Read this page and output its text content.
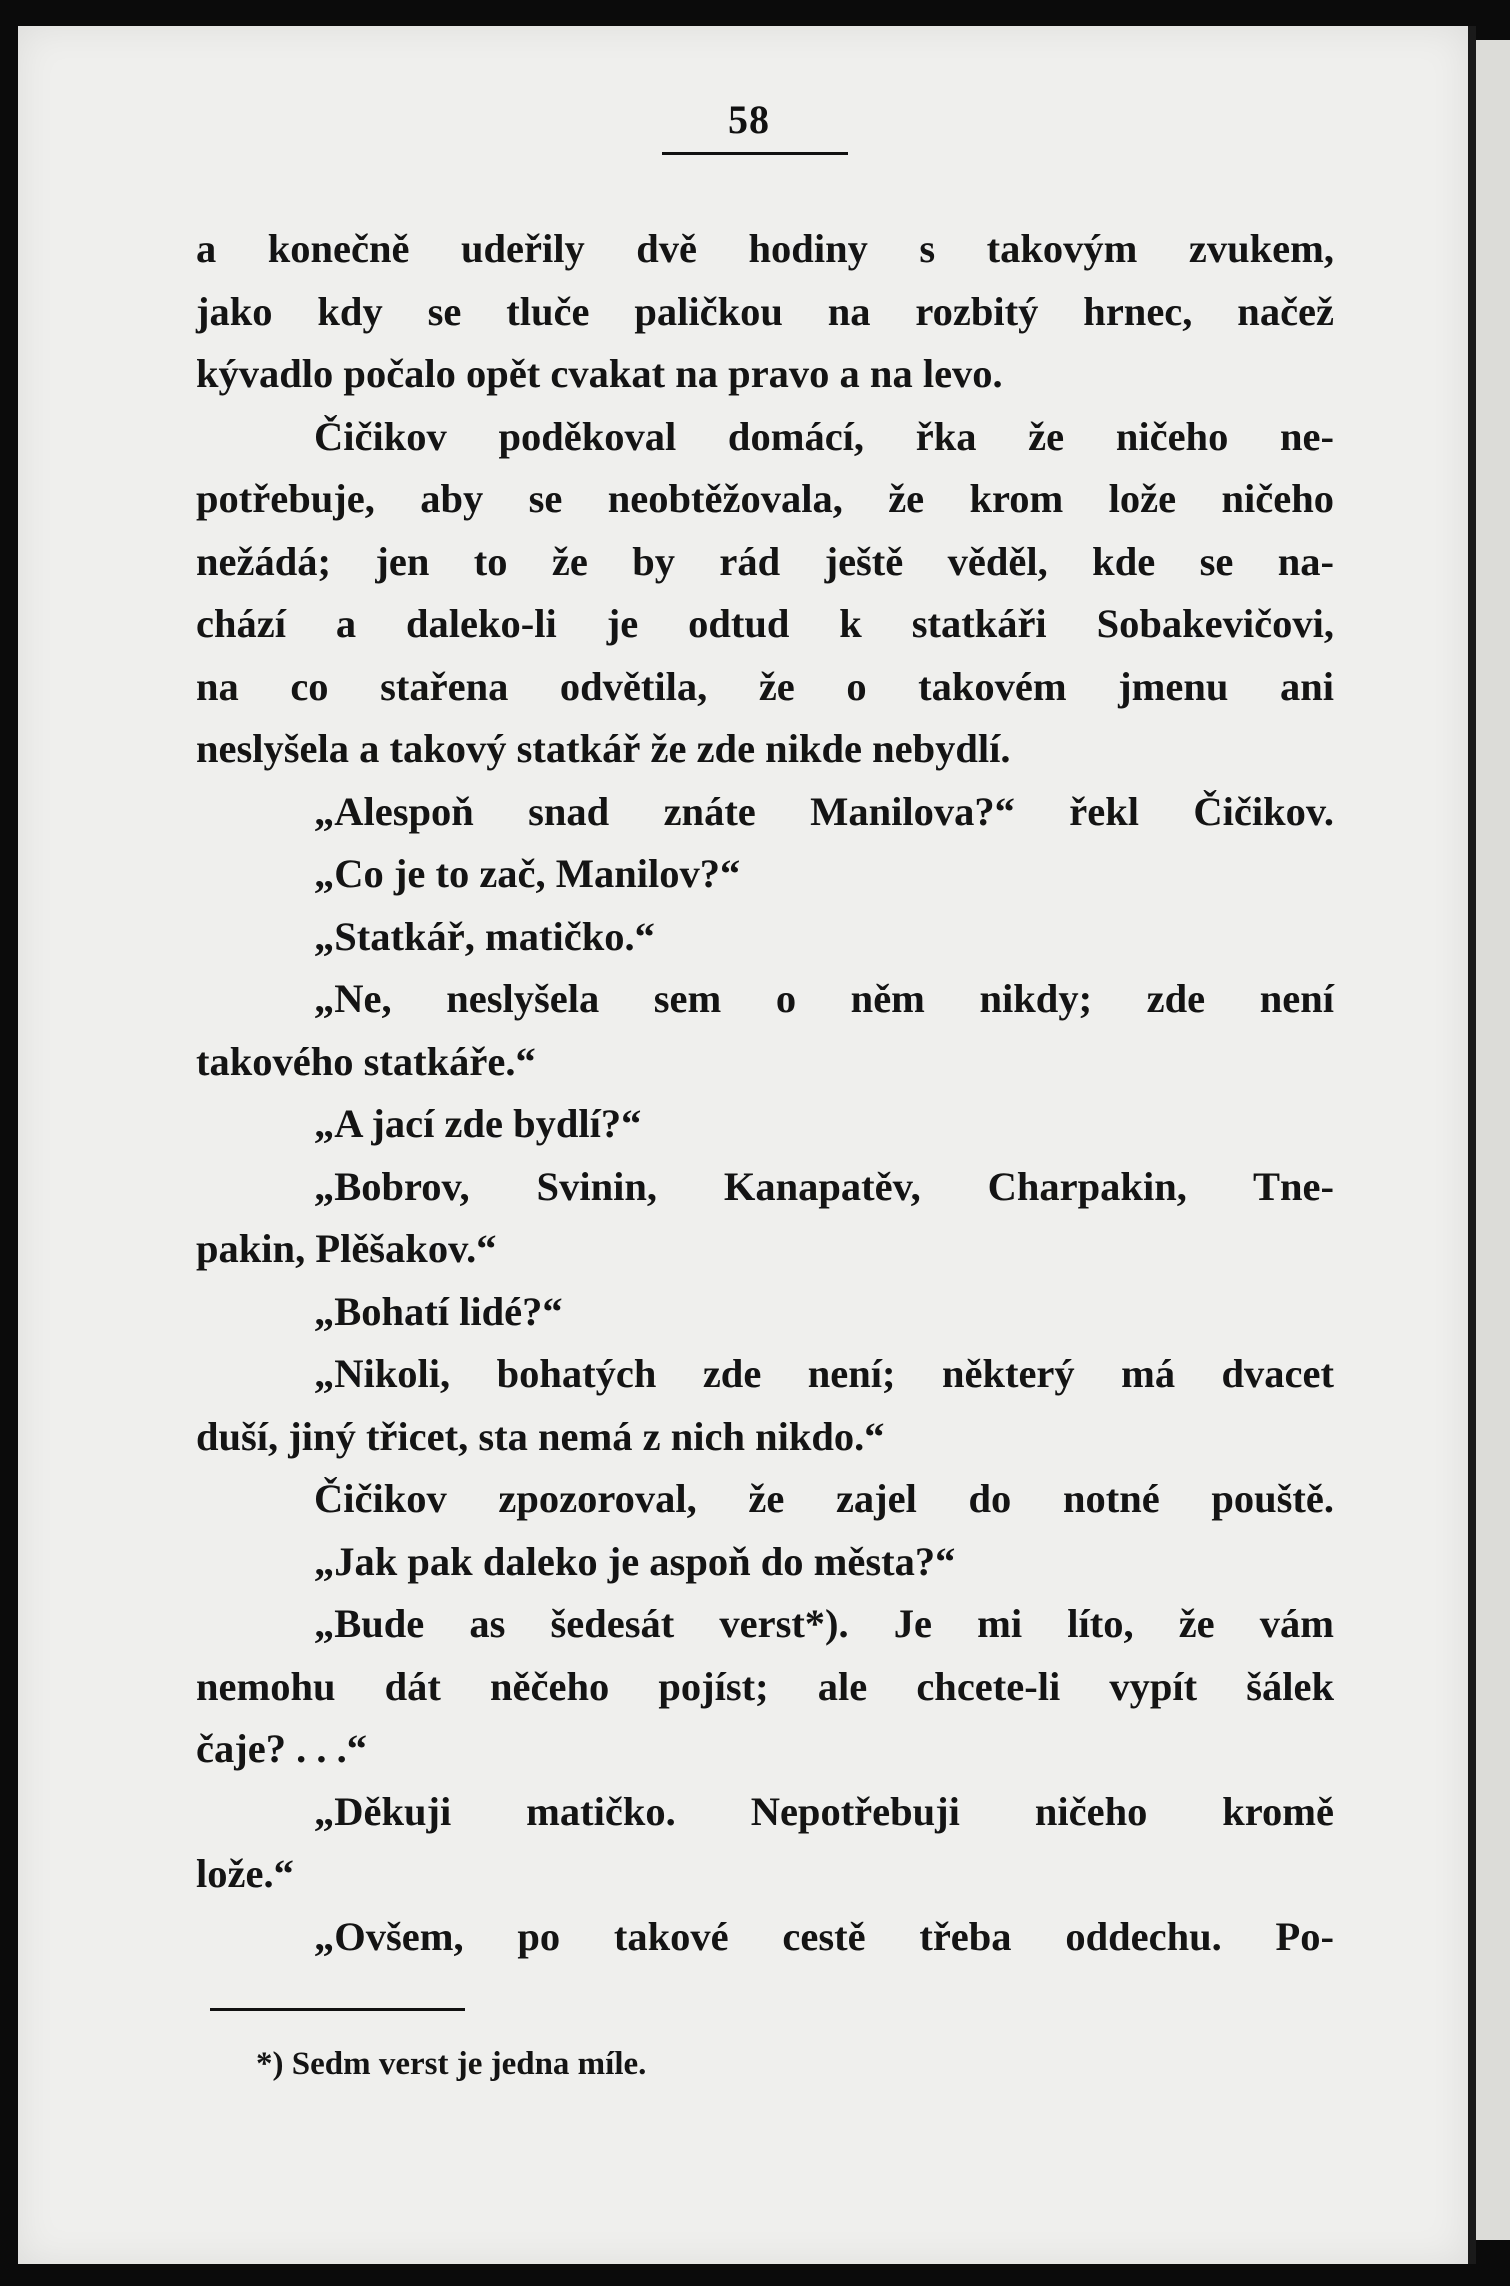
58
a konečně udeřily dvě hodiny s takovým zvukem,
jako kdy se tluče paličkou na rozbitý hrnec, načež
kývadlo počalo opět cvakat na pravo a na levo.
Čičikov poděkoval domácí, řka že ničeho ne-
potřebuje, aby se neobtěžovala, že krom lože ničeho
nežádá; jen to že by rád ještě věděl, kde se na-
chází a daleko-li je odtud k statkáři Sobakevičovi,
na co stařena odvětila, že o takovém jmenu ani
neslyšela a takový statkář že zde nikde nebydlí.
„Alespoň snad znáte Manilova?“ řekl Čičikov.
„Co je to zač, Manilov?“
„Statkář, matičko.“
„Ne, neslyšela sem o něm nikdy; zde není
takového statkáře.“
„A jací zde bydlí?“
„Bobrov, Svinin, Kanapatěv, Charpakin, Tne-
pakin, Plěšakov.“
„Bohatí lidé?“
„Nikoli, bohatých zde není; některý má dvacet
duší, jiný třicet, sta nemá z nich nikdo.“
Čičikov zpozoroval, že zajel do notné pouště.
„Jak pak daleko je aspoň do města?“
„Bude as šedesát verst*). Je mi líto, že vám
nemohu dát něčeho pojíst; ale chcete-li vypít šálek
čaje? . . .“
„Děkuji matičko. Nepotřebuji ničeho kromě
lože.“
„Ovšem, po takové cestě třeba oddechu. Po-
*) Sedm verst je jedna míle.
